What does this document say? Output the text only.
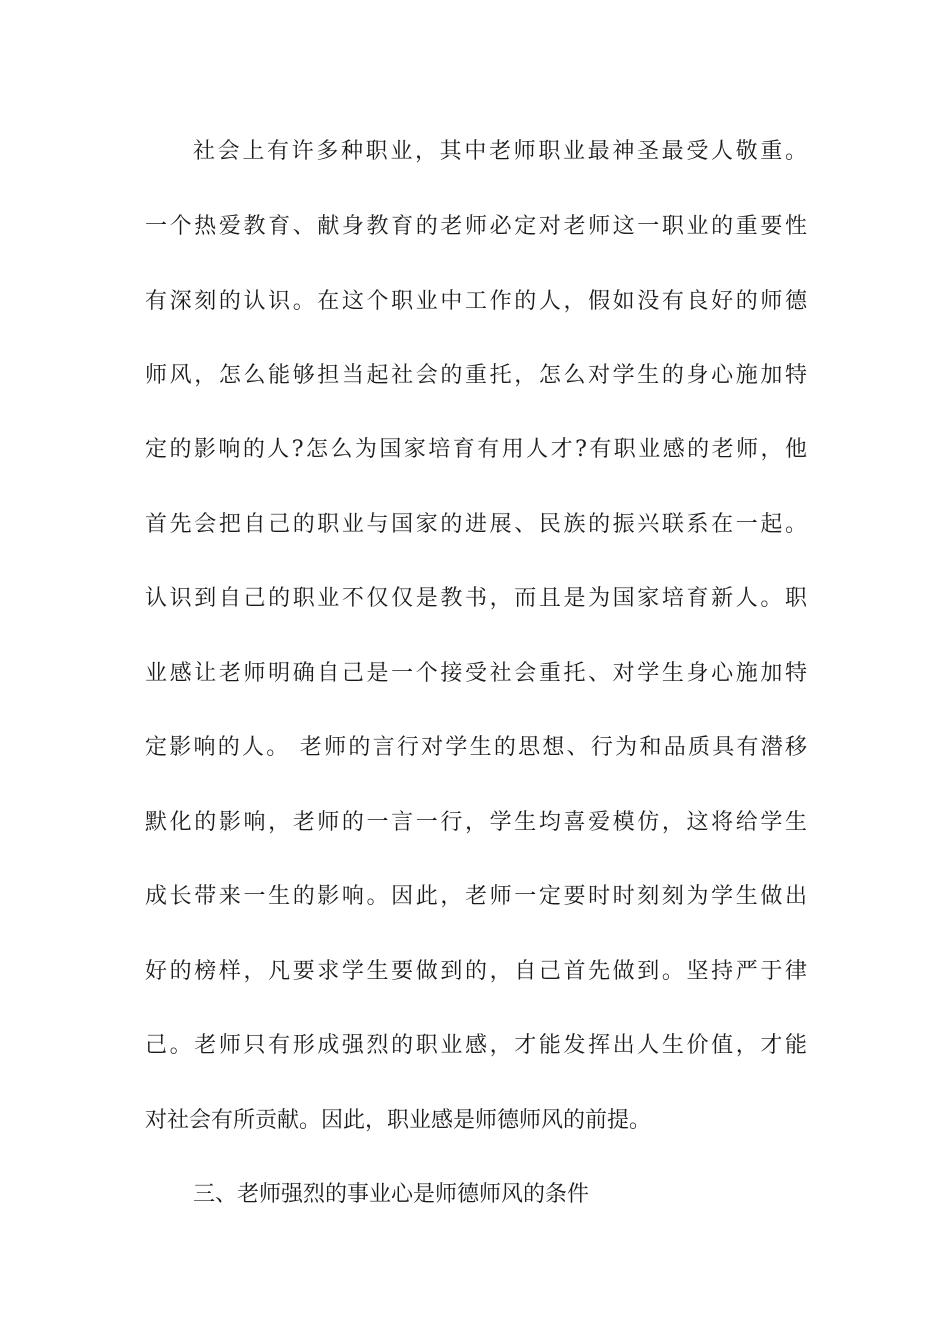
社会上有许多种职业，其中老师职业最神圣最受人敬重。
一个热爱教育、献身教育的老师必定对老师这一职业的重要性
有深刻的认识。在这个职业中工作的人，假如没有良好的师德
师风，怎么能够担当起社会的重托，怎么对学生的身心施加特
定的影响的人?怎么为国家培育有用人才?有职业感的老师，他
首先会把自己的职业与国家的进展、民族的振兴联系在一起。
认识到自己的职业不仅仅是教书，而且是为国家培育新人。职
业感让老师明确自己是一个接受社会重托、对学生身心施加特
定影响的人。 老师的言行对学生的思想、行为和品质具有潜移
默化的影响，老师的一言一行，学生均喜爱模仿，这将给学生
成长带来一生的影响。因此，老师一定要时时刻刻为学生做出
好的榜样，凡要求学生要做到的，自己首先做到。坚持严于律
己。老师只有形成强烈的职业感，才能发挥出人生价值，才能
对社会有所贡献。因此，职业感是师德师风的前提。
三、老师强烈的事业心是师德师风的条件
